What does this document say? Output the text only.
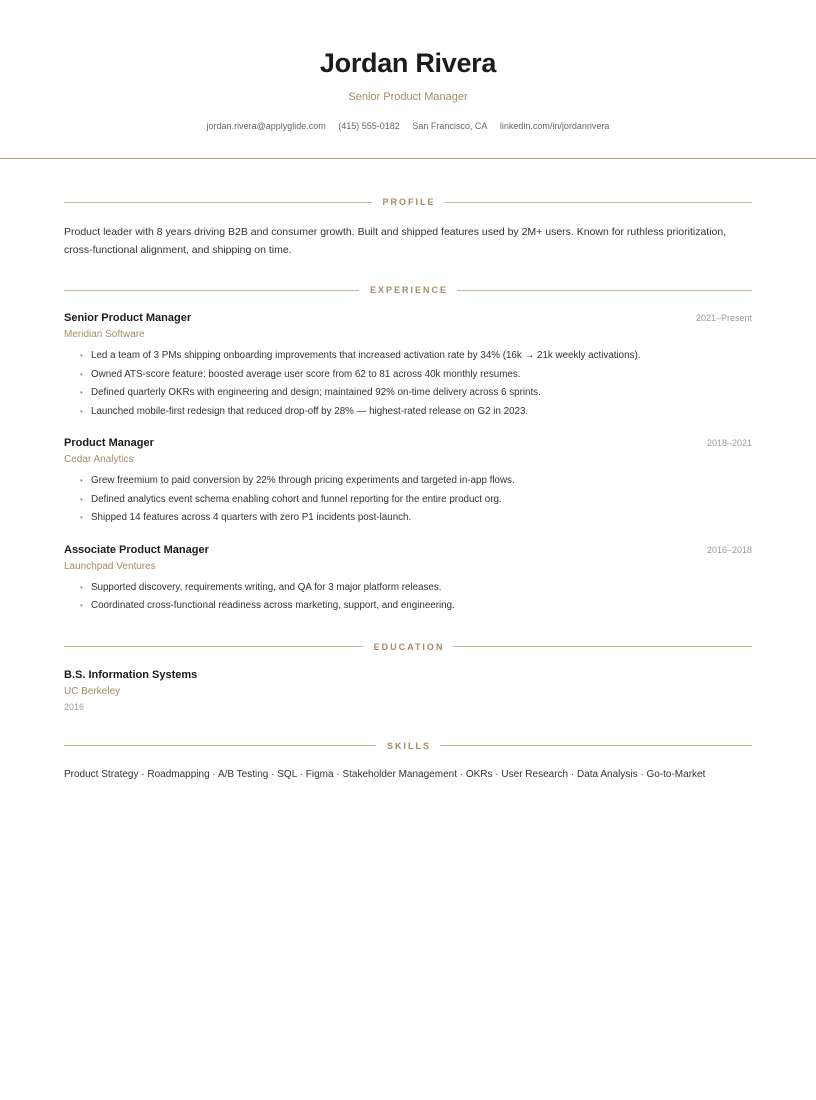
Jordan Rivera
Senior Product Manager
jordan.rivera@applyglide.com (415) 555-0182 San Francisco, CA linkedin.com/in/jordanrivera
PROFILE
Product leader with 8 years driving B2B and consumer growth. Built and shipped features used by 2M+ users. Known for ruthless prioritization, cross-functional alignment, and shipping on time.
EXPERIENCE
Senior Product Manager	2021–Present
Meridian Software
• Led a team of 3 PMs shipping onboarding improvements that increased activation rate by 34% (16k → 21k weekly activations).
• Owned ATS-score feature: boosted average user score from 62 to 81 across 40k monthly resumes.
• Defined quarterly OKRs with engineering and design; maintained 92% on-time delivery across 6 sprints.
• Launched mobile-first redesign that reduced drop-off by 28% — highest-rated release on G2 in 2023.
Product Manager	2018–2021
Cedar Analytics
• Grew freemium to paid conversion by 22% through pricing experiments and targeted in-app flows.
• Defined analytics event schema enabling cohort and funnel reporting for the entire product org.
• Shipped 14 features across 4 quarters with zero P1 incidents post-launch.
Associate Product Manager	2016–2018
Launchpad Ventures
• Supported discovery, requirements writing, and QA for 3 major platform releases.
• Coordinated cross-functional readiness across marketing, support, and engineering.
EDUCATION
B.S. Information Systems
UC Berkeley
2016
SKILLS
Product Strategy · Roadmapping · A/B Testing · SQL · Figma · Stakeholder Management · OKRs · User Research · Data Analysis · Go-to-Market
